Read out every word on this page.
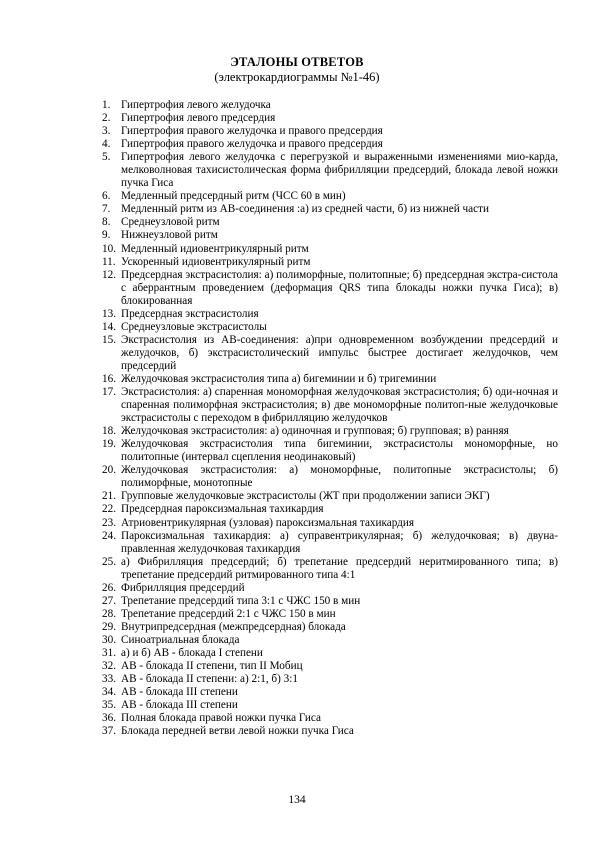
ЭТАЛОНЫ ОТВЕТОВ
(электрокардиограммы №1-46)
1. Гипертрофия левого желудочка
2. Гипертрофия левого предсердия
3. Гипертрофия правого желудочка и правого предсердия
4. Гипертрофия правого желудочка и правого предсердия
5. Гипертрофия левого желудочка с перегрузкой и выраженными изменениями мио-карда, мелковолновая тахисистолическая форма фибрилляции предсердий, блокада левой ножки пучка Гиса
6. Медленный предсердный ритм (ЧСС 60 в мин)
7. Медленный ритм из АВ-соединения :а) из средней части, б) из нижней части
8. Среднеузловой ритм
9. Нижнеузловой ритм
10. Медленный идиовентрикулярный ритм
11. Ускоренный идиовентрикулярный ритм
12. Предсердная экстрасистолия: а) полиморфные, политопные; б) предсердная экстра-систола с аберрантным проведением (деформация QRS типа блокады ножки пучка Гиса); в) блокированная
13. Предсердная экстрасистолия
14. Среднеузловые экстрасистолы
15. Экстрасистолия из АВ-соединения: а)при одновременном возбуждении предсердий и желудочков, б) экстрасистолический импульс быстрее достигает желудочков, чем предсердий
16. Желудочковая экстрасистолия типа а) бигеминии и б) тригеминии
17. Экстрасистолия: а) спаренная мономорфная желудочковая экстрасистолия; б) оди-ночная и спаренная полиморфная экстрасистолия; в) две мономорфные политоп-ные желудочковые экстрасистолы с переходом в фибрилляцию желудочков
18. Желудочковая экстрасистолия: а) одиночная и групповая; б) групповая; в) ранняя
19. Желудочковая экстрасистолия типа бигеминии, экстрасистолы мономорфные, но политопные (интервал сцепления неодинаковый)
20. Желудочковая экстрасистолия: а) мономорфные, политопные экстрасистолы; б) полиморфные, монотопные
21. Групповые желудочковые экстрасистолы (ЖТ при продолжении записи ЭКГ)
22. Предсердная пароксизмальная тахикардия
23. Атриовентрикулярная (узловая) пароксизмальная тахикардия
24. Пароксизмальная тахикардия: а) суправентрикулярная; б) желудочковая; в) двуна-правленная желудочковая тахикардия
25. а) Фибрилляция предсердий; б) трепетание предсердий неритмированного типа; в) трепетание предсердий ритмированного типа 4:1
26. Фибрилляция предсердий
27. Трепетание предсердий типа 3:1 с ЧЖС 150 в мин
28. Трепетание предсердий 2:1 с ЧЖС 150 в мин
29. Внутрипредсердная (межпредсердная) блокада
30. Синоатриальная блокада
31. а) и б) АВ - блокада I степени
32. АВ - блокада II степени, тип II Мобиц
33. АВ - блокада II степени: а) 2:1, б) 3:1
34. АВ - блокада III степени
35. АВ - блокада III степени
36. Полная блокада правой ножки пучка Гиса
37. Блокада передней ветви левой ножки пучка Гиса
134
